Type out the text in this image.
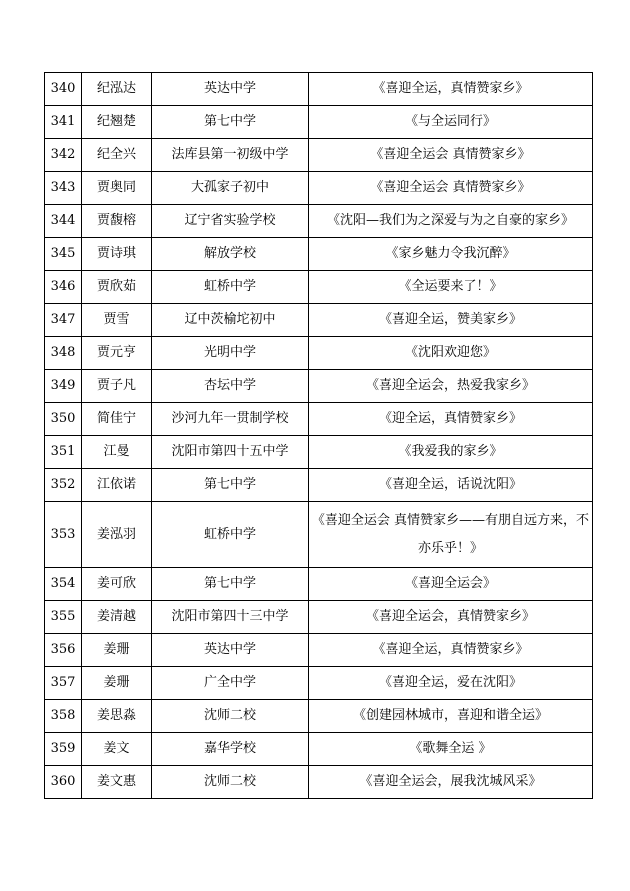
340	纪泓达	英达中学	《喜迎全运，真情赞家乡》
341	纪翘楚	第七中学	《与全运同行》
342	纪全兴	法库县第一初级中学	《喜迎全运会 真情赞家乡》
343	贾奥同	大孤家子初中	《喜迎全运会 真情赞家乡》
344	贾馥榕	辽宁省实验学校	《沈阳—我们为之深爱与为之自豪的家乡》
345	贾诗琪	解放学校	《家乡魅力令我沉醉》
346	贾欣茹	虹桥中学	《全运要来了！》
347	贾雪	辽中茨榆坨初中	《喜迎全运，赞美家乡》
348	贾元亨	光明中学	《沈阳欢迎您》
349	贾子凡	杏坛中学	《喜迎全运会，热爱我家乡》
350	简佳宁	沙河九年一贯制学校	《迎全运，真情赞家乡》
351	江曼	沈阳市第四十五中学	《我爱我的家乡》
352	江依诺	第七中学	《喜迎全运，话说沈阳》
353	姜泓羽	虹桥中学	《喜迎全运会 真情赞家乡——有朋自远方来，不亦乐乎！》
354	姜可欣	第七中学	《喜迎全运会》
355	姜清越	沈阳市第四十三中学	《喜迎全运会，真情赞家乡》
356	姜珊	英达中学	《喜迎全运，真情赞家乡》
357	姜珊	广全中学	《喜迎全运，爱在沈阳》
358	姜思淼	沈师二校	《创建园林城市，喜迎和谐全运》
359	姜文	嘉华学校	《歌舞全运 》
360	姜文惠	沈师二校	《喜迎全运会，展我沈城风采》
